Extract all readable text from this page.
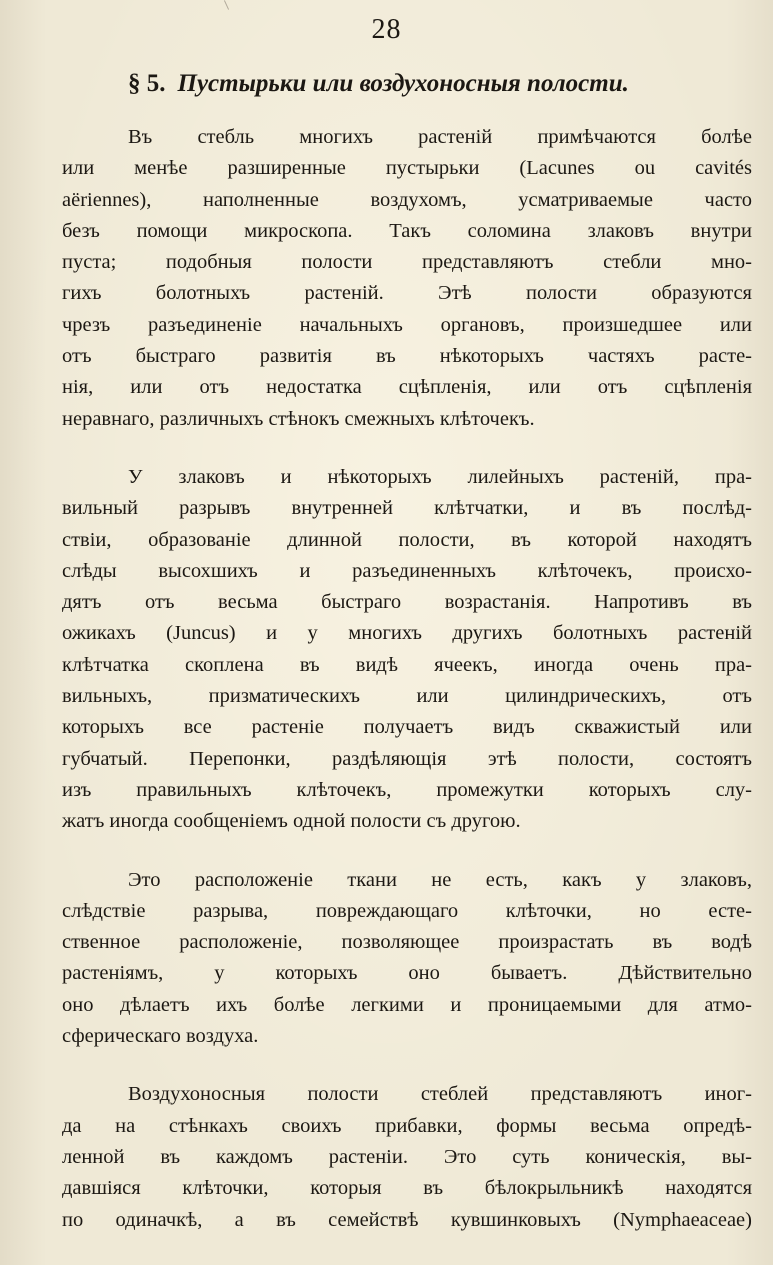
28
§ 5. Пустырьки или воздухоносныя полости.
Въ стебль многихъ растеній примѣчаются болѣе
или менѣе разширенные пустырьки (Lacunes ou cavités
aëriennes), наполненные воздухомъ, усматриваемые часто
безъ помощи микроскопа. Такъ соломина злаковъ внутри
пуста; подобныя полости представляютъ стебли мно-
гихъ болотныхъ растеній. Этѣ полости образуются
чрезъ разъединеніе начальныхъ органовъ, произшедшее или
отъ быстраго развитія въ нѣкоторыхъ частяхъ расте-
нія, или отъ недостатка сцѣпленія, или отъ сцѣпленія
неравнаго, различныхъ стѣнокъ смежныхъ клѣточекъ.
У злаковъ и нѣкоторыхъ лилейныхъ растеній, пра-
вильный разрывъ внутренней клѣтчатки, и въ послѣд-
ствіи, образованіе длинной полости, въ которой находятъ
слѣды высохшихъ и разъединенныхъ клѣточекъ, происхо-
дятъ отъ весьма быстраго возрастанія. Напротивъ въ
ожикахъ (Juncus) и у многихъ другихъ болотныхъ растеній
клѣтчатка скоплена въ видѣ ячеекъ, иногда очень пра-
вильныхъ, призматическихъ или цилиндрическихъ, отъ
которыхъ все растеніе получаетъ видъ скважистый или
губчатый. Перепонки, раздѣляющія этѣ полости, состоятъ
изъ правильныхъ клѣточекъ, промежутки которыхъ слу-
жатъ иногда сообщеніемъ одной полости съ другою.
Это расположеніе ткани не есть, какъ у злаковъ,
слѣдствіе разрыва, повреждающаго клѣточки, но есте-
ственное расположеніе, позволяющее произрастать въ водѣ
растеніямъ, у которыхъ оно бываетъ. Дѣйствительно
оно дѣлаетъ ихъ болѣе легкими и проницаемыми для атмо-
сферическаго воздуха.
Воздухоносныя полости стеблей представляютъ иног-
да на стѣнкахъ своихъ прибавки, формы весьма опредѣ-
ленной въ каждомъ растеніи. Это суть коническія, вы-
давшіяся клѣточки, которыя въ бѣлокрыльникѣ находятся
по одиначкѣ, а въ семействѣ кувшинковыхъ (Nymphaeaceae)
